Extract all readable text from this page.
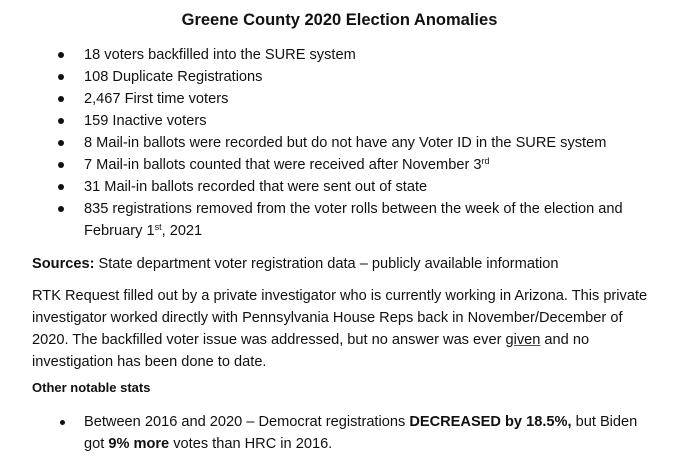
Greene County 2020 Election Anomalies
18 voters backfilled into the SURE system
108 Duplicate Registrations
2,467 First time voters
159 Inactive voters
8 Mail-in ballots were recorded but do not have any Voter ID in the SURE system
7 Mail-in ballots counted that were received after November 3rd
31 Mail-in ballots recorded that were sent out of state
835 registrations removed from the voter rolls between the week of the election and February 1st, 2021

Sources: State department voter registration data – publicly available information

RTK Request filled out by a private investigator who is currently working in Arizona. This private investigator worked directly with Pennsylvania House Reps back in November/December of 2020. The backfilled voter issue was addressed, but no answer was ever given and no investigation has been done to date.

Other notable stats

Between 2016 and 2020 – Democrat registrations DECREASED by 18.5%, but Biden got 9% more votes than HRC in 2016.
